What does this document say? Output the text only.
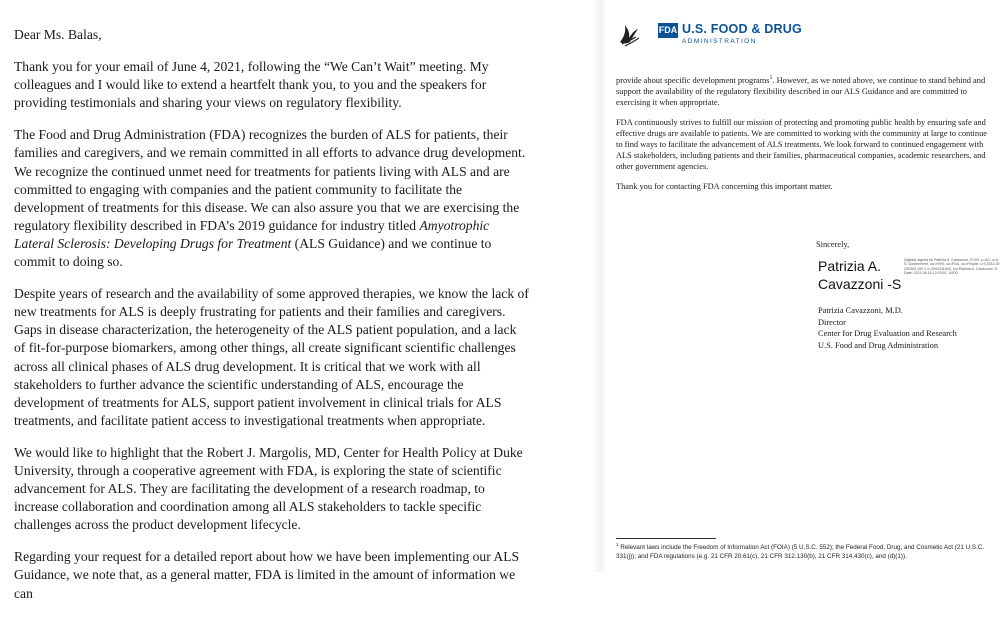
Dear Ms. Balas,

Thank you for your email of June 4, 2021, following the “We Can’t Wait” meeting. My colleagues and I would like to extend a heartfelt thank you, to you and the speakers for providing testimonials and sharing your views on regulatory flexibility.

The Food and Drug Administration (FDA) recognizes the burden of ALS for patients, their families and caregivers, and we remain committed in all efforts to advance drug development. We recognize the continued unmet need for treatments for patients living with ALS and are committed to engaging with companies and the patient community to facilitate the development of treatments for this disease. We can also assure you that we are exercising the regulatory flexibility described in FDA’s 2019 guidance for industry titled Amyotrophic Lateral Sclerosis: Developing Drugs for Treatment (ALS Guidance) and we continue to commit to doing so.

Despite years of research and the availability of some approved therapies, we know the lack of new treatments for ALS is deeply frustrating for patients and their families and caregivers. Gaps in disease characterization, the heterogeneity of the ALS patient population, and a lack of fit-for-purpose biomarkers, among other things, all create significant scientific challenges across all clinical phases of ALS drug development. It is critical that we work with all stakeholders to further advance the scientific understanding of ALS, encourage the development of treatments for ALS, support patient involvement in clinical trials for ALS treatments, and facilitate patient access to investigational treatments when appropriate.

We would like to highlight that the Robert J. Margolis, MD, Center for Health Policy at Duke University, through a cooperative agreement with FDA, is exploring the state of scientific advancement for ALS. They are facilitating the development of a research roadmap, to increase collaboration and coordination among all ALS stakeholders to tackle specific challenges across the product development lifecycle.

Regarding your request for a detailed report about how we have been implementing our ALS Guidance, we note that, as a general matter, FDA is limited in the amount of information we can

FDA U.S. FOOD & DRUG
ADMINISTRATION

provide about specific development programs$^1$. However, as we noted above, we continue to stand behind and support the availability of the regulatory flexibility described in our ALS Guidance and are committed to exercising it when appropriate.

FDA continuously strives to fulfill our mission of protecting and promoting public health by ensuring safe and effective drugs are available to patients. We are committed to working with the community at large to continue to find ways to facilitate the advancement of ALS treatments. We look forward to continued engagement with ALS stakeholders, including patients and their families, pharmaceutical companies, academic researchers, and other government agencies.

Thank you for contacting FDA concerning this important matter.

Sincerely,
Patrizia A.
Cavazzoni -S
Digitally signed by Patrizia A. Cavazzoni -S DN: c=US, o=U.S. Government, ou=HHS, ou=FDA, ou=People, 0.9.2342.19200300.100.1.1=2002411843, cn=Patrizia A. Cavazzoni -S Date: 2021.06.15 12:03:51 -04'00'
Patrizia Cavazzoni, M.D.
Director
Center for Drug Evaluation and Research
U.S. Food and Drug Administration
$^1$ Relevant laws include the Freedom of Information Act (FOIA) (5 U.S.C. 552); the Federal Food, Drug, and Cosmetic Act (21 U.S.C. 331(j)); and FDA regulations (e.g. 21 CFR 20.61(c), 21 CFR 312.130(b), 21 CFR 314.430(c), and (d)(1)).
